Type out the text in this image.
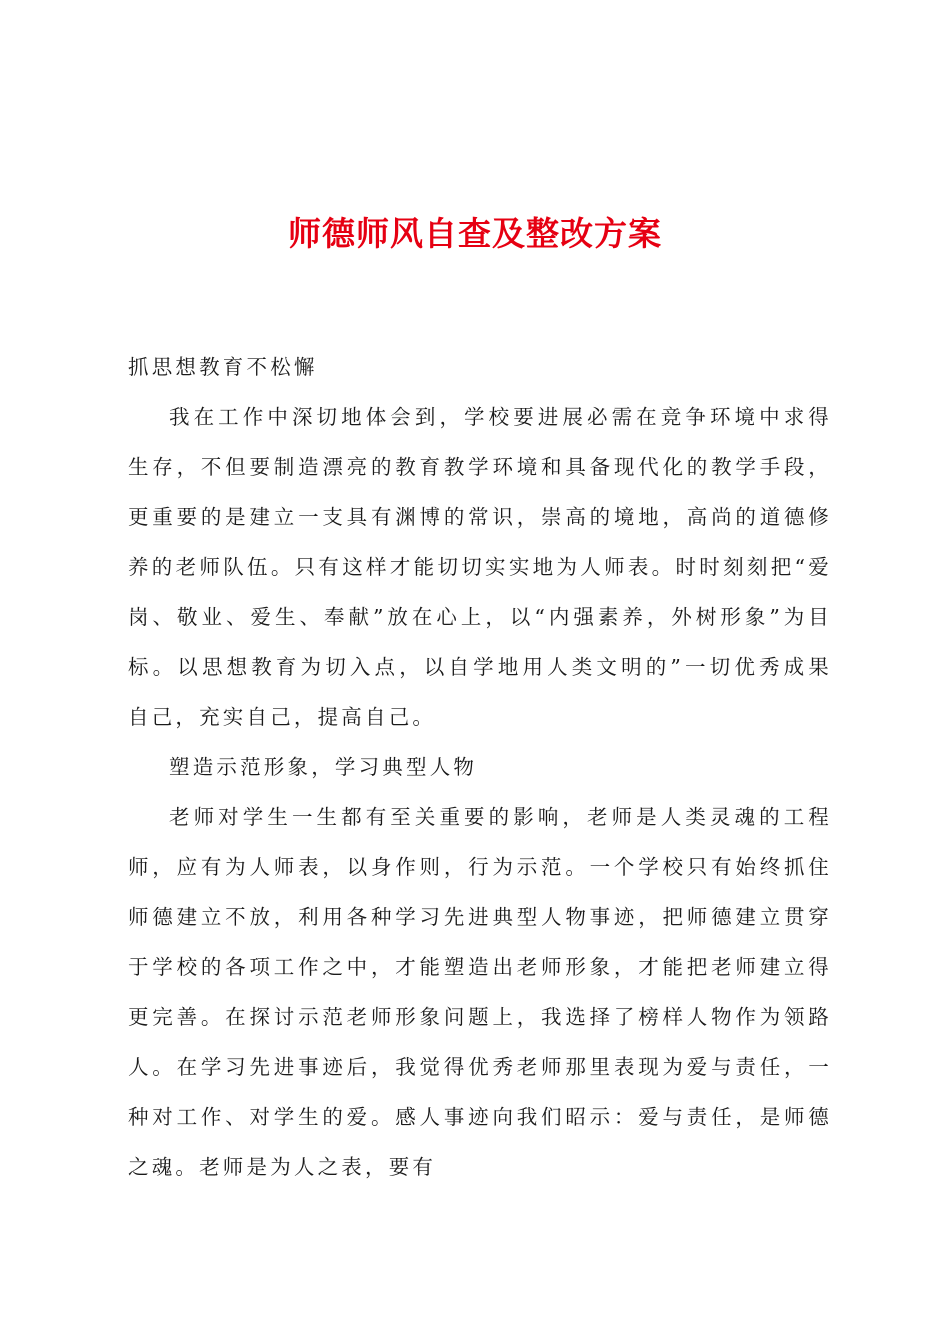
师德师风自查及整改方案

抓思想教育不松懈

我在工作中深切地体会到，学校要进展必需在竞争环境中求得生存，不但要制造漂亮的教育教学环境和具备现代化的教学手段，更重要的是建立一支具有渊博的常识，崇高的境地，高尚的道德修养的老师队伍。只有这样才能切切实实地为人师表。时时刻刻把“爱岗、敬业、爱生、奉献”放在心上，以“内强素养，外树形象”为目标。以思想教育为切入点，以自学地用人类文明的”一切优秀成果 自己，充实自己，提高自己。

塑造示范形象，学习典型人物

老师对学生一生都有至关重要的影响，老师是人类灵魂的工程师，应有为人师表，以身作则，行为示范。一个学校只有始终抓住师德建立不放，利用各种学习先进典型人物事迹，把师德建立贯穿于学校的各项工作之中，才能塑造出老师形象，才能把老师建立得更完善。在探讨示范老师形象问题上，我选择了榜样人物作为领路人。在学习先进事迹后，我觉得优秀老师那里表现为爱与责任，一种对工作、对学生的爱。感人事迹向我们昭示：爱与责任，是师德之魂。老师是为人之表，要有
